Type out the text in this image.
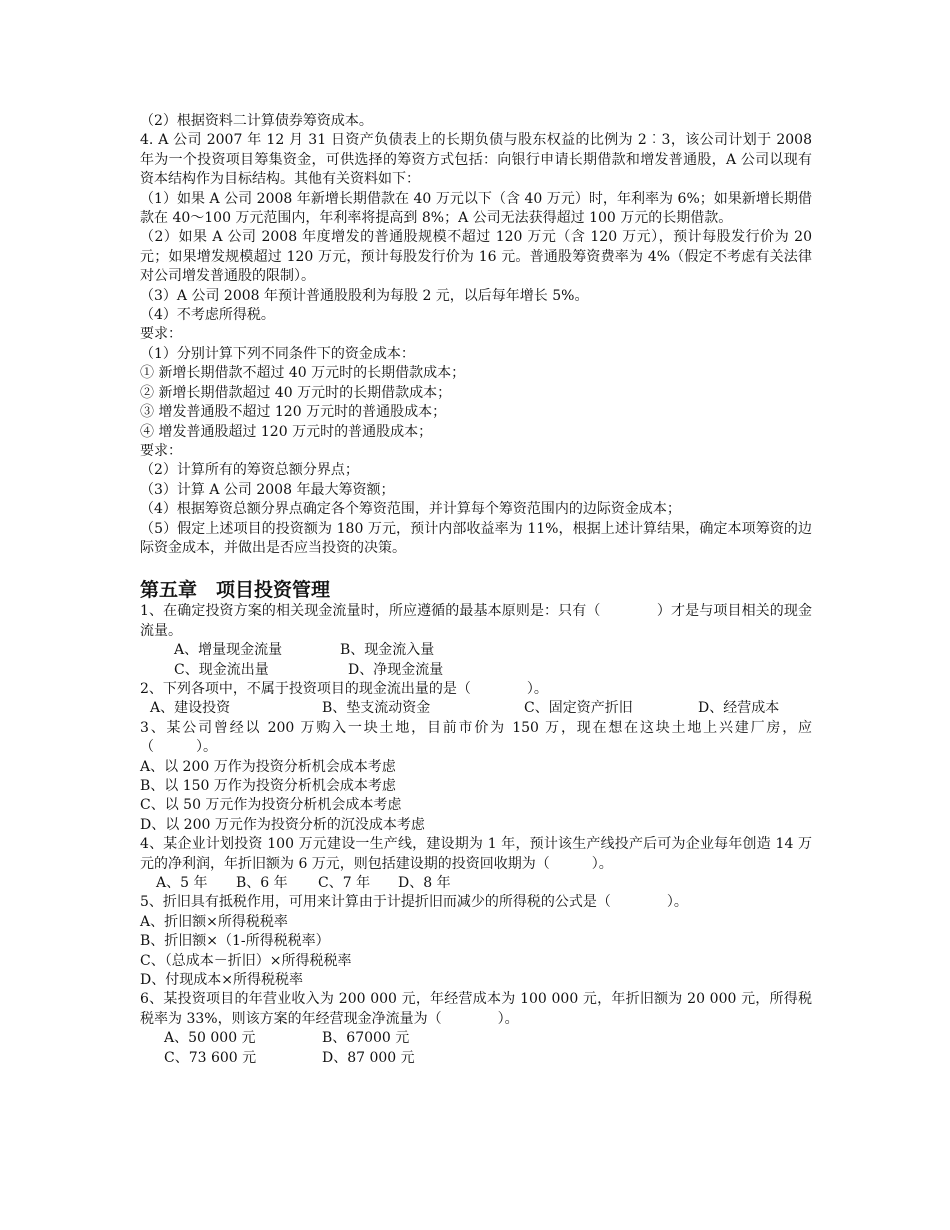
（2）根据资料二计算债券筹资成本。

4. A 公司 2007 年 12 月 31 日资产负债表上的长期负债与股东权益的比例为 2︰3，该公司计划于 2008 年为一个投资项目筹集资金，可供选择的筹资方式包括：向银行申请长期借款和增发普通股，A 公司以现有资本结构作为目标结构。其他有关资料如下：

（1）如果 A 公司 2008 年新增长期借款在 40 万元以下（含 40 万元）时，年利率为 6%；如果新增长期借款在 40～100 万元范围内，年利率将提高到 8%；A 公司无法获得超过 100 万元的长期借款。

（2）如果 A 公司 2008 年度增发的普通股规模不超过 120 万元（含 120 万元），预计每股发行价为 20 元；如果增发规模超过 120 万元，预计每股发行价为 16 元。普通股筹资费率为 4%（假定不考虑有关法律对公司增发普通股的限制）。

（3）A 公司 2008 年预计普通股股利为每股 2 元，以后每年增长 5%。

（4）不考虑所得税。

要求：

（1）分别计算下列不同条件下的资金成本：

① 新增长期借款不超过 40 万元时的长期借款成本；

② 新增长期借款超过 40 万元时的长期借款成本；

③ 增发普通股不超过 120 万元时的普通股成本；

④ 增发普通股超过 120 万元时的普通股成本；

要求：

（2）计算所有的筹资总额分界点；

（3）计算 A 公司 2008 年最大筹资额；

（4）根据筹资总额分界点确定各个筹资范围，并计算每个筹资范围内的边际资金成本；

（5）假定上述项目的投资额为 180 万元，预计内部收益率为 11%，根据上述计算结果，确定本项筹资的边际资金成本，并做出是否应当投资的决策。

第五章　项目投资管理

1、在确定投资方案的相关现金流量时，所应遵循的最基本原则是：只有（　　　　）才是与项目相关的现金流量。

A、增量现金流量	B、现金流入量
C、现金流出量	D、净现金流量

2、下列各项中，不属于投资项目的现金流出量的是（　　　　）。

A、建设投资	B、垫支流动资金	C、固定资产折旧	D、经营成本

3、某公司曾经以 200 万购入一块土地，目前市价为 150 万，现在想在这块土地上兴建厂房，应（　　　）。

A、以 200 万作为投资分析机会成本考虑

B、以 150 万作为投资分析机会成本考虑

C、以 50 万元作为投资分析机会成本考虑

D、以 200 万元作为投资分析的沉没成本考虑

4、某企业计划投资 100 万元建设一生产线，建设期为 1 年，预计该生产线投产后可为企业每年创造 14 万元的净利润，年折旧额为 6 万元，则包括建设期的投资回收期为（　　　）。

A、5 年	B、6 年	C、7 年	D、8 年

5、折旧具有抵税作用，可用来计算由于计提折旧而减少的所得税的公式是（　　　　）。

A、折旧额×所得税税率

B、折旧额×（1-所得税税率）

C、（总成本－折旧）×所得税税率

D、付现成本×所得税税率

6、某投资项目的年营业收入为 200 000 元，年经营成本为 100 000 元，年折旧额为 20 000 元，所得税税率为 33%，则该方案的年经营现金净流量为（　　　　）。

A、50 000 元	B、67000 元
C、73 600 元	D、87 000 元
